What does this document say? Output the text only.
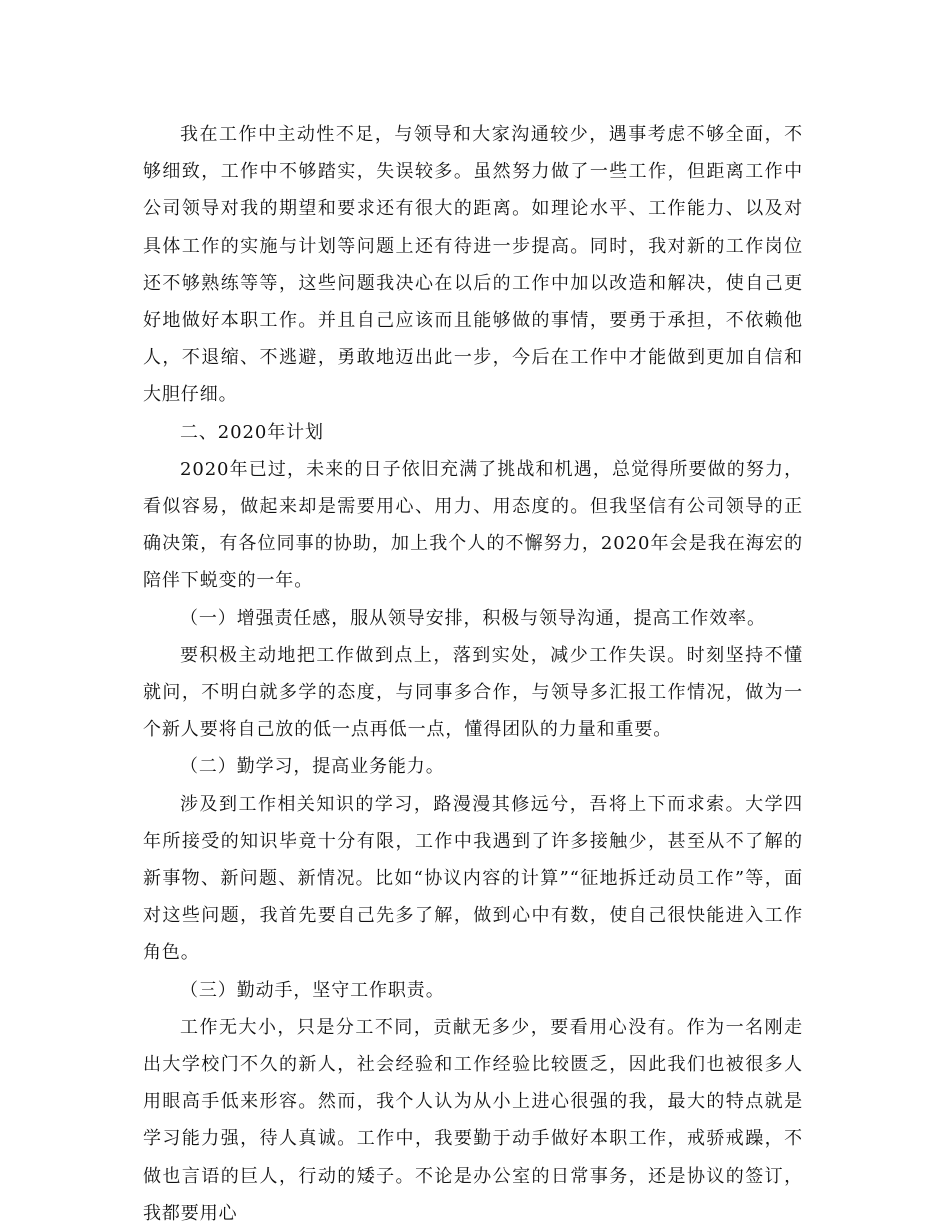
我在工作中主动性不足，与领导和大家沟通较少，遇事考虑不够全面，不够细致，工作中不够踏实，失误较多。虽然努力做了一些工作，但距离工作中公司领导对我的期望和要求还有很大的距离。如理论水平、工作能力、以及对具体工作的实施与计划等问题上还有待进一步提高。同时，我对新的工作岗位还不够熟练等等，这些问题我决心在以后的工作中加以改造和解决，使自己更好地做好本职工作。并且自己应该而且能够做的事情，要勇于承担，不依赖他人，不退缩、不逃避，勇敢地迈出此一步，今后在工作中才能做到更加自信和大胆仔细。

二、2020年计划

2020年已过，未来的日子依旧充满了挑战和机遇，总觉得所要做的努力，看似容易，做起来却是需要用心、用力、用态度的。但我坚信有公司领导的正确决策，有各位同事的协助，加上我个人的不懈努力，2020年会是我在海宏的陪伴下蜕变的一年。

（一）增强责任感，服从领导安排，积极与领导沟通，提高工作效率。

要积极主动地把工作做到点上，落到实处，减少工作失误。时刻坚持不懂就问，不明白就多学的态度，与同事多合作，与领导多汇报工作情况，做为一个新人要将自己放的低一点再低一点，懂得团队的力量和重要。

（二）勤学习，提高业务能力。

涉及到工作相关知识的学习，路漫漫其修远兮，吾将上下而求索。大学四年所接受的知识毕竟十分有限，工作中我遇到了许多接触少，甚至从不了解的新事物、新问题、新情况。比如“协议内容的计算”“征地拆迁动员工作”等，面对这些问题，我首先要自己先多了解，做到心中有数，使自己很快能进入工作角色。

（三）勤动手，坚守工作职责。

工作无大小，只是分工不同，贡献无多少，要看用心没有。作为一名刚走出大学校门不久的新人，社会经验和工作经验比较匮乏，因此我们也被很多人用眼高手低来形容。然而，我个人认为从小上进心很强的我，最大的特点就是学习能力强，待人真诚。工作中，我要勤于动手做好本职工作，戒骄戒躁，不做也言语的巨人，行动的矮子。不论是办公室的日常事务，还是协议的签订，我都要用心
